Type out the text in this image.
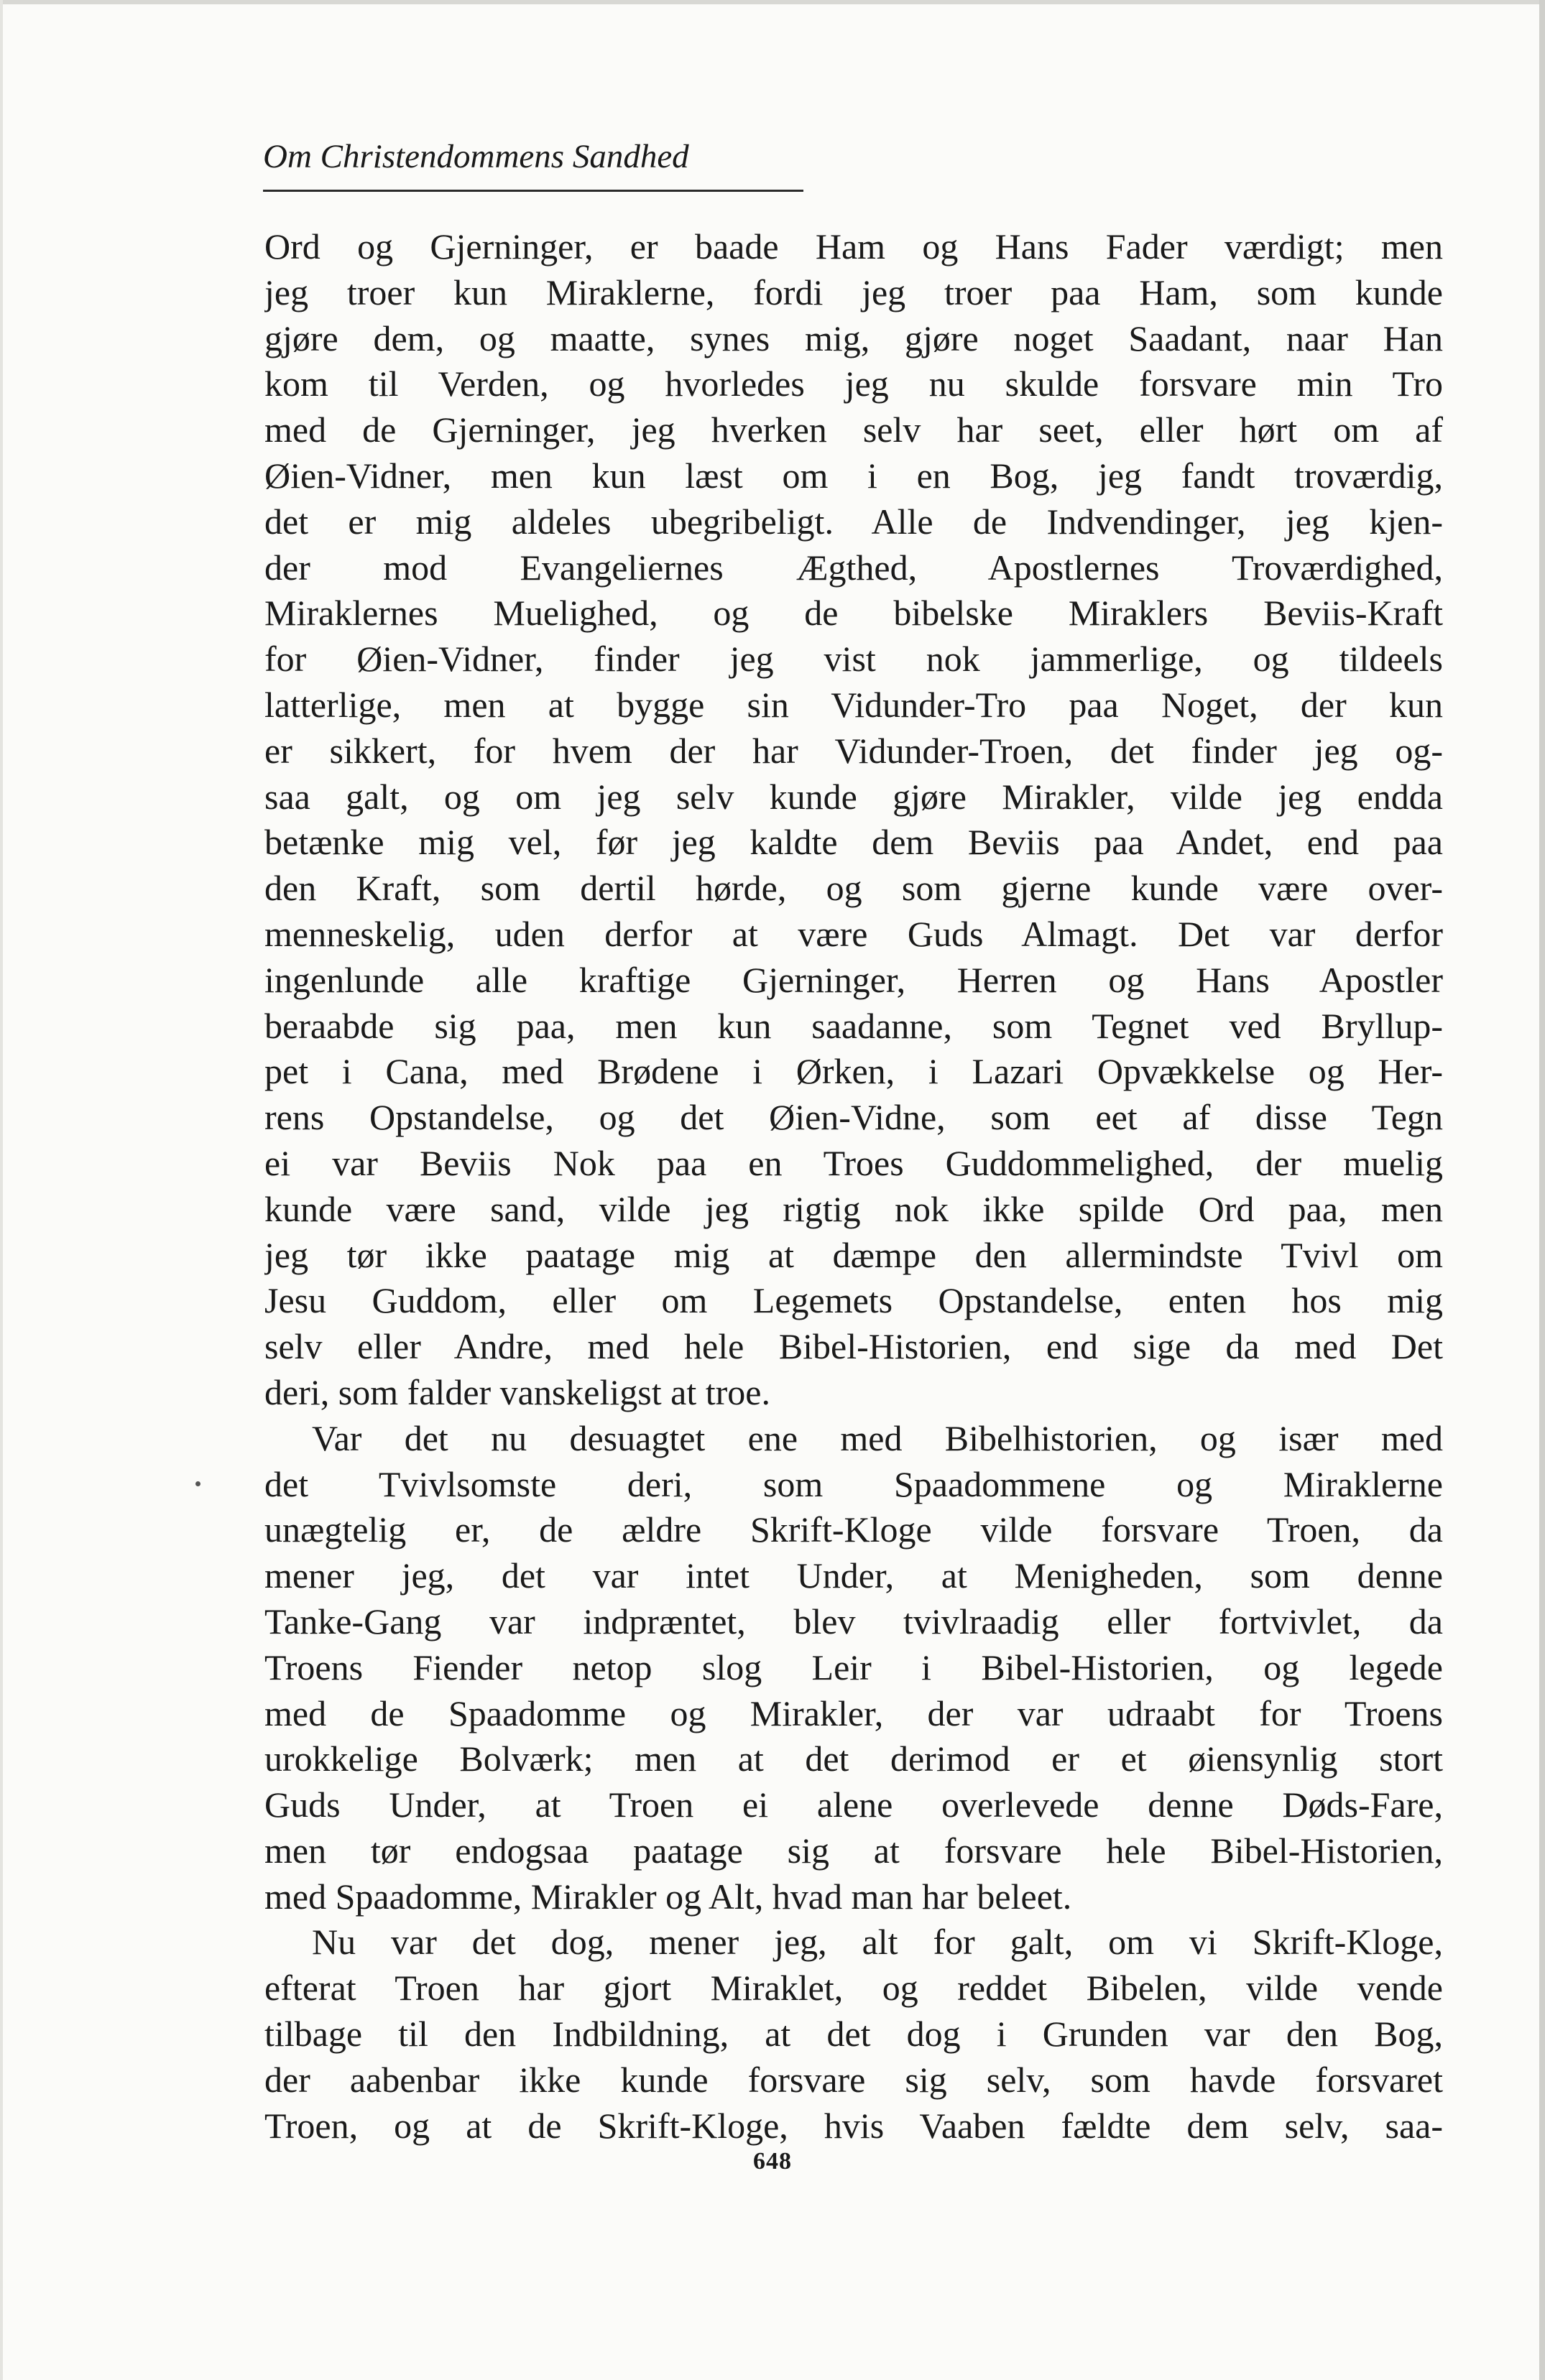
Om Christendommens Sandhed
Ord og Gjerninger, er baade Ham og Hans Fader værdigt; men
jeg troer kun Miraklerne, fordi jeg troer paa Ham, som kunde
gjøre dem, og maatte, synes mig, gjøre noget Saadant, naar Han
kom til Verden, og hvorledes jeg nu skulde forsvare min Tro
med de Gjerninger, jeg hverken selv har seet, eller hørt om af
Øien-Vidner, men kun læst om i en Bog, jeg fandt troværdig,
det er mig aldeles ubegribeligt. Alle de Indvendinger, jeg kjen-
der mod Evangeliernes Ægthed, Apostlernes Troværdighed,
Miraklernes Muelighed, og de bibelske Miraklers Beviis-Kraft
for Øien-Vidner, finder jeg vist nok jammerlige, og tildeels
latterlige, men at bygge sin Vidunder-Tro paa Noget, der kun
er sikkert, for hvem der har Vidunder-Troen, det finder jeg og-
saa galt, og om jeg selv kunde gjøre Mirakler, vilde jeg endda
betænke mig vel, før jeg kaldte dem Beviis paa Andet, end paa
den Kraft, som dertil hørde, og som gjerne kunde være over-
menneskelig, uden derfor at være Guds Almagt. Det var derfor
ingenlunde alle kraftige Gjerninger, Herren og Hans Apostler
beraabde sig paa, men kun saadanne, som Tegnet ved Bryllup-
pet i Cana, med Brødene i Ørken, i Lazari Opvækkelse og Her-
rens Opstandelse, og det Øien-Vidne, som eet af disse Tegn
ei var Beviis Nok paa en Troes Guddommelighed, der muelig
kunde være sand, vilde jeg rigtig nok ikke spilde Ord paa, men
jeg tør ikke paatage mig at dæmpe den allermindste Tvivl om
Jesu Guddom, eller om Legemets Opstandelse, enten hos mig
selv eller Andre, med hele Bibel-Historien, end sige da med Det
deri, som falder vanskeligst at troe.
Var det nu desuagtet ene med Bibelhistorien, og især med
det Tvivlsomste deri, som Spaadommene og Miraklerne
unægtelig er, de ældre Skrift-Kloge vilde forsvare Troen, da
mener jeg, det var intet Under, at Menigheden, som denne
Tanke-Gang var indpræntet, blev tvivlraadig eller fortvivlet, da
Troens Fiender netop slog Leir i Bibel-Historien, og legede
med de Spaadomme og Mirakler, der var udraabt for Troens
urokkelige Bolværk; men at det derimod er et øiensynlig stort
Guds Under, at Troen ei alene overlevede denne Døds-Fare,
men tør endogsaa paatage sig at forsvare hele Bibel-Historien,
med Spaadomme, Mirakler og Alt, hvad man har beleet.
Nu var det dog, mener jeg, alt for galt, om vi Skrift-Kloge,
efterat Troen har gjort Miraklet, og reddet Bibelen, vilde vende
tilbage til den Indbildning, at det dog i Grunden var den Bog,
der aabenbar ikke kunde forsvare sig selv, som havde forsvaret
Troen, og at de Skrift-Kloge, hvis Vaaben fældte dem selv, saa-
648
